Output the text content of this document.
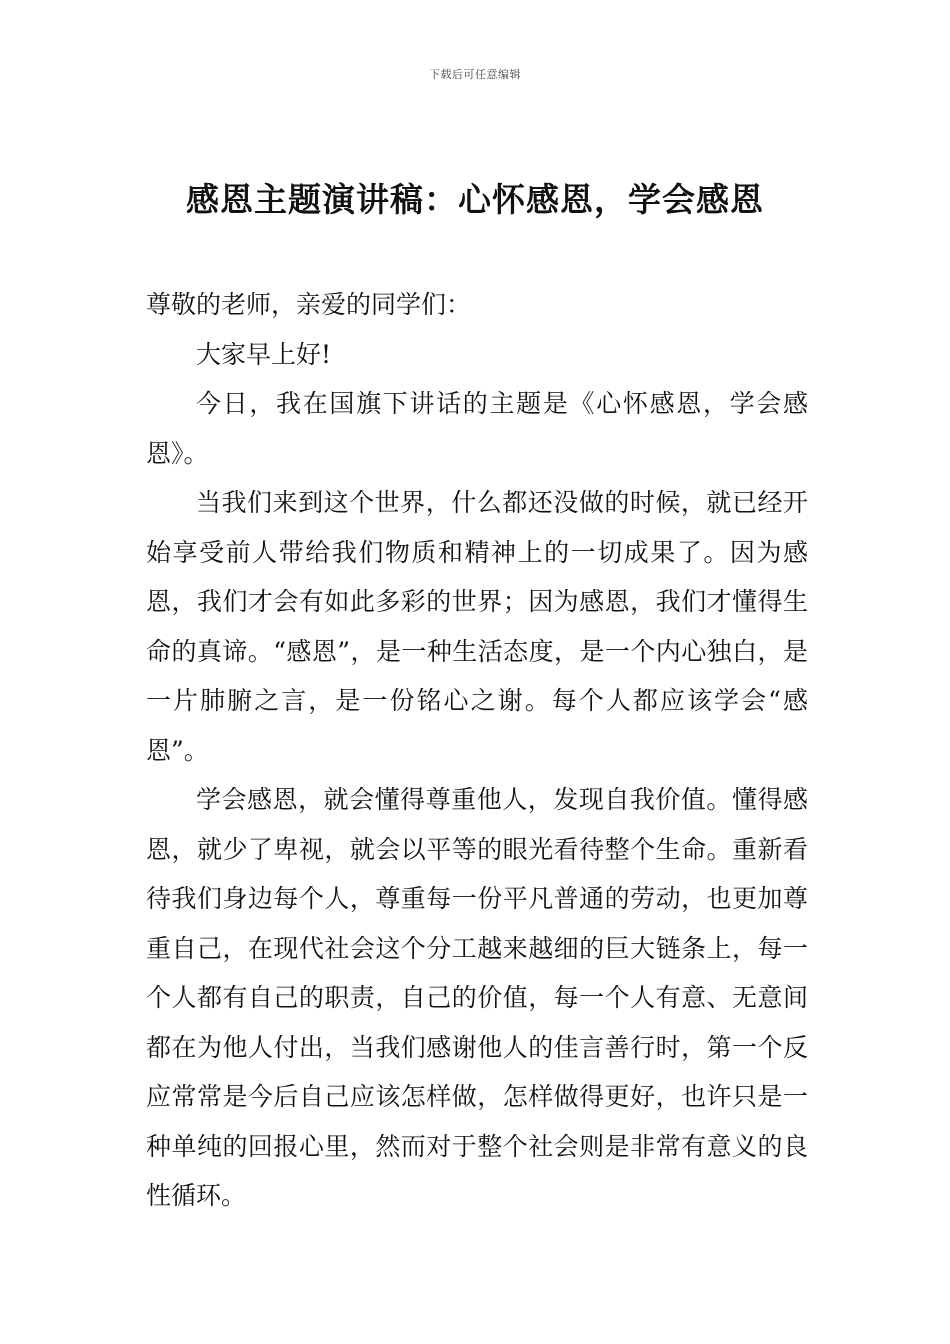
下载后可任意编辑
感恩主题演讲稿：心怀感恩，学会感恩

尊敬的老师，亲爱的同学们：

大家早上好!

今日，我在国旗下讲话的主题是《心怀感恩，学会感恩》。

当我们来到这个世界，什么都还没做的时候，就已经开始享受前人带给我们物质和精神上的一切成果了。因为感恩，我们才会有如此多彩的世界；因为感恩，我们才懂得生命的真谛。“感恩”，是一种生活态度，是一个内心独白，是一片肺腑之言，是一份铭心之谢。每个人都应该学会“感恩”。

学会感恩，就会懂得尊重他人，发现自我价值。懂得感恩，就少了卑视，就会以平等的眼光看待整个生命。重新看待我们身边每个人，尊重每一份平凡普通的劳动，也更加尊重自己，在现代社会这个分工越来越细的巨大链条上，每一个人都有自己的职责，自己的价值，每一个人有意、无意间都在为他人付出，当我们感谢他人的佳言善行时，第一个反应常常是今后自己应该怎样做，怎样做得更好，也许只是一种单纯的回报心里，然而对于整个社会则是非常有意义的良性循环。
